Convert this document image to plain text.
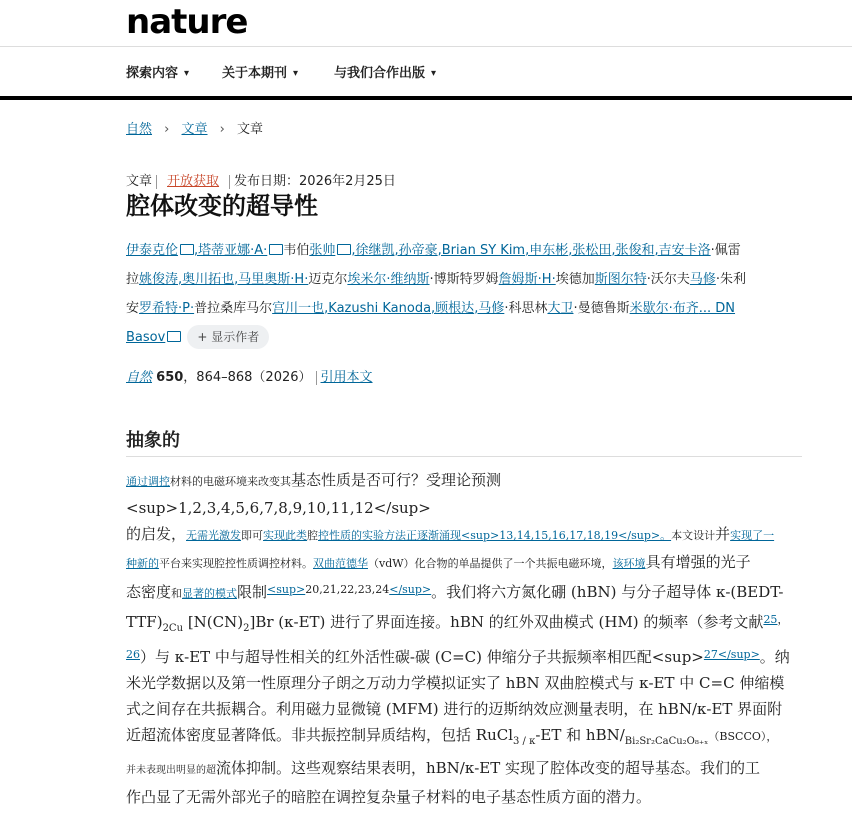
nature
探索内容 ▾	关于本期刊 ▾	与我们合作出版 ▾
自然 › 文章 › 文章
文章 开放获取 发布日期：2026年2月25日
腔体改变的超导性
伊泰克伦 ,塔蒂亚娜·A· 韦伯张帅 ,徐继凯,孙帝豪,Brian SY Kim,申东彬,张松田,张俊和,吉安卡洛·佩雷
拉姚俊涛,奥川拓也,马里奥斯·H·迈克尔埃米尔·维纳斯·博斯特罗姆詹姆斯·H·埃德加斯图尔特·沃尔夫马修·朱利
安罗希特·P·普拉桑库马尔宫川一也,Kazushi Kanoda,顾根达,马修·科思林大卫·曼德鲁斯米歇尔·布齐... DN
Basov	+ 显示作者
自然 650，864–868（2026） 引用本文
抽象的
通过调控材料的电磁环境来改变其基态性质是否可行？受理论预测<sup>1,2,3,4,5,6,7,8,9,10,11,12</sup>
的启发，无需光激发即可实现此类腔控性质的实验方法正逐渐涌现<sup>13,14,15,16,17,18,19</sup>。本文设计并实现了一
种新的平台来实现腔控性质调控材料。双曲范德华（vdW）化合物的单晶提供了一个共振电磁环境，该环境具有增强的光子
态密度和显著的模式限制$^{<sup>20,21,22,23,24</sup>}$。我们将六方氮化硼 (hBN) 与分子超导体 κ-(BEDT-
$TTF)_{2Cu}$ $[N(CN)_2]Br$ (κ-ET) 进行了界面连接。hBN 的红外双曲模式 (HM) 的频率（参考文献$^{25,}$
$^{26}$）与 κ-ET 中与超导性相关的红外活性碳-碳 (C=C) 伸缩分子共振频率相匹配<sup>$^{27</sup>}$。纳
米光学数据以及第一性原理分子朗之万动力学模拟证实了 hBN 双曲腔模式与 κ-ET 中 C=C 伸缩模
式之间存在共振耦合。利用磁力显微镜 (MFM) 进行的迈斯纳效应测量表明，在 hBN/κ-ET 界面附
近超流体密度显著降低。非共振控制异质结构，包括 RuCl$_{3 / \kappa}$-ET 和 hBN/$_{Bi_2Sr_2CaCu_2O_{8+x}}(BSCCO)$，
并未表现出明显的超流体抑制。这些观察结果表明，hBN/κ-ET 实现了腔体改变的超导基态。我们的工
作凸显了无需外部光子的暗腔在调控复杂量子材料的电子基态性质方面的潜力。
